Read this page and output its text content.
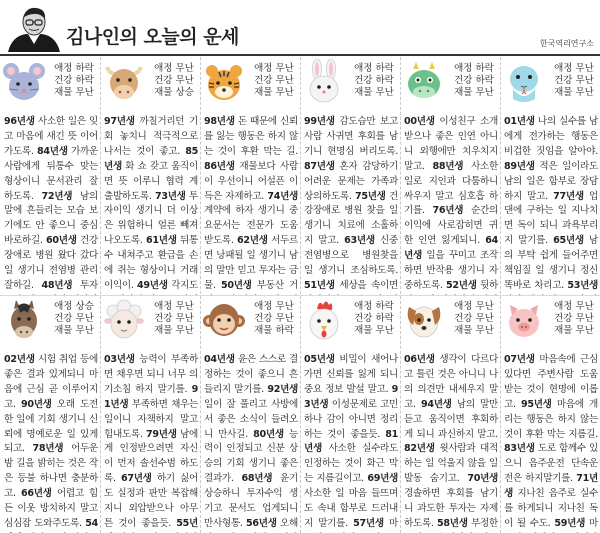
김나인의 오늘의 운세	한국역리연구소
애정 하락
건강 하락
재물 무난
96년생 사소한 일은 잊고 마음에 새긴 뜻 이어가도록. 84년생 가까운 사람에게 뒤통수 맞는 형상이니 문서관리 잘하도록. 72년생 남의 말에 흔들리는 모습 보기에도 안 좋으니 중심 바로하길. 60년생 건강 장애로 병원 왔다 갔다 일 생기니 전염병 관리 잘하길. 48년생 투자
애정 무난
건강 무난
재물 상승
97년생 까칠거리던 기회 놓치니 적극적으로 나서는 것이 좋고. 85년생 화 쇼 갖고 움직이면 뜻 이루니 협력 계 출발하도록. 73년생 투자이익 생기니 더 이상은 위험하니 얼른 빼져나오도록. 61년생 뒤통수 내쳐주고 환급을 손에 쥐는 형상이니 거래 이익이. 49년생 각지도
애정 무난
건강 무난
재물 무난
98년생 돈 때문에 신뢰를 잃는 행동은 하지 않는 것이 후환 막는 길. 86년생 재물보다 사람이 우선이니 어설픈 이득은 자제하고. 74년생 계약에 하자 생기니 중요문서는 전문가 도움 받도록. 62년생 서두르면 낭패될 일 생기니 남의 말만 믿고 투자는 금물. 50년생 부동산 거
애정 하락
건강 하락
재물 무난
99년생 감도습만 보고 사람 사귀면 후회를 남기니 현명심 버리도록. 87년생 혼자 감당하기 어려운 문제는 가족과 상의하도록. 75년생 건강장애로 병원 찾을 일 생기니 치료에 소홀하지 말고. 63년생 신중 전염병으로 병원찾을 일 생기니 조심하도록. 51년생 세상을 속이면
애정 하락
건강 하락
재물 무난
00년생 이성친구 소개받으나 좋은 인연 아니니 외행에만 치우치지 말고. 88년생 사소한 일로 지인과 다툼하니 싸우지 말고 심호흡 하기를. 76년생 순간의 이익에 사로잡히면 귀한 인연 잃게되니. 64년생 일을 꾸미고 조작하면 반작용 생기니 자중하도록. 52년생 뒷하
애정 무난
건강 무난
재물 무난
01년생 나의 실수를 남에게 전가하는 행동은 비겁한 짓임을 알아야. 89년생 적은 일이라도 남의 일은 함부로 장담하지 말고. 77년생 업 댄에 구하는 일 지나치면 독이 되니 과욕부리지 말기를. 65년생 남의 부탁 쉽게 들어주면 책임질 일 생기니 정신 똑바로 차리고. 53년생
애정 상승
건강 무난
재물 무난
02년생 시험 취업 등에 좋은 결과 있게되니 마음에 근심 곧 이루어지고. 90년생 오래 도전한 일에 기회 생기니 신뢰에 명예로운 일 있게되고. 78년생 어두운 밤 길을 밝히는 것은 작은 등불 하나면 충분하고. 66년생 어렵고 힘든 이웃 방치하지 말고 심심잡 도와주도록. 54
애정 무난
건강 무난
재물 무난
03년생 능력이 부족하면 채우면 되니 너무 의기소침 하지 말기를. 91년생 부족하면 채우는 일이니 자책하지 말고 힘내도록. 79년생 남에게 인정받으려면 자신이 먼저 솔선수범 하도록. 67년생 하기 싫어도 실정과 판만 복잡해지니 외압받으나 아무튼 것이 좋을듯. 55년
애정 무난
건강 무난
재물 하락
04년생 윤은 스스로 결정하는 것이 좋으니 흔들리지 말기를. 92년생 일이 잘 풀리고 사방에서 좋은 소식이 들려오니 만사길. 80년생 능력이 인정되고 신분 상승의 기회 생기니 좋은 결과가. 68년생 윤기 상승하니 투자수익 생기고 문서도 업게되니 만사형통. 56년생 오해
애정 하락
건강 하락
재물 무난
05년생 비밀이 새어나가면 신뢰를 잃게 되니 중요 정보 발설 말고. 93년생 이성문제로 고민하나 감이 아니면 정리하는 것이 좋을듯. 81년생 사소한 실수라도 인정하는 것이 화근 막는 지름길이고. 69년생 사소한 일 마음 들뜨며도 속내 함부로 드러내지 말기를. 57년생 마
애정 무난
건강 무난
재물 무난
06년생 생각이 다르다고 틀린 것은 아니니 나의 의견만 내세우지 말고. 94년생 남의 말만 듣고 움직이면 후회하게 되니 과신하지 말고. 82년생 윗사람과 대적하는 일 억울지 않을 일 발동 숨기고. 70년생 경솔하면 후회를 남기니 과도한 투자는 자제하도록. 58년생 부정한
애정 무난
건강 무난
재물 무난
07년생 마음속에 근심 있다면 주변사람 도움 받는 것이 현명에 이롭고. 95년생 마음에 개리는 행동은 하지 않는 것이 후환 막는 지름길. 83년생 도로 함께수 있으니 음주운전 단속운전은 하지말기를. 71년생 지나친 음주로 실수를 하게되니 지나친 독이 될 수도. 59년생 마
